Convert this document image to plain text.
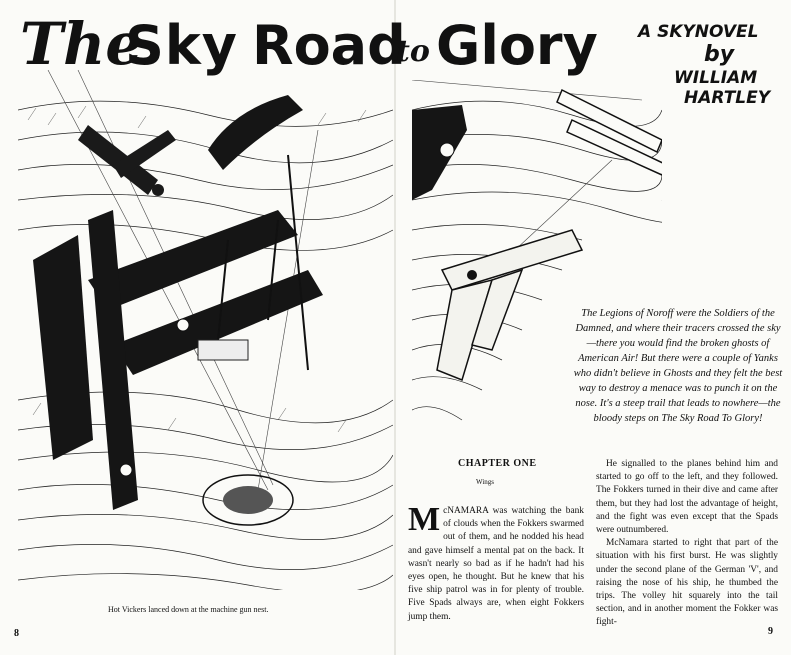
The
Sky Road
Hot Vickers lanced down at the machine gun nest.
8
to Glory A SKYNOVEL
by
WILLIAM
HARTLEY

The Legions of Noroff were the Soldiers of the Damned, and where their tracers crossed the sky—there you would find the broken ghosts of American Air! But there were a couple of Yanks who didn't believe in Ghosts and they felt the best way to destroy a menace was to punch it on the nose. It's a steep trail that leads to nowhere—the bloody steps on The Sky Road To Glory!

CHAPTER ONE
Wings
McNAMARA was watching the bank of clouds when the Fokkers swarmed out of them, and he nodded his head and gave himself a mental pat on the back. It wasn't nearly so bad as if he hadn't had his eyes open, he thought. But he knew that his five ship patrol was in for plenty of trouble. Five Spads always are, when eight Fokkers jump them.
He signalled to the planes behind him and started to go off to the left, and they followed. The Fokkers turned in their dive and came after them, but they had lost the advantage of height, and the fight was even except that the Spads were outnumbered.
McNamara started to right that part of the situation with his first burst. He was slightly under the second plane of the German 'V', and raising the nose of his ship, he thumbed the trips. The volley hit squarely into the tail section, and in another moment the Fokker was fight-
9
